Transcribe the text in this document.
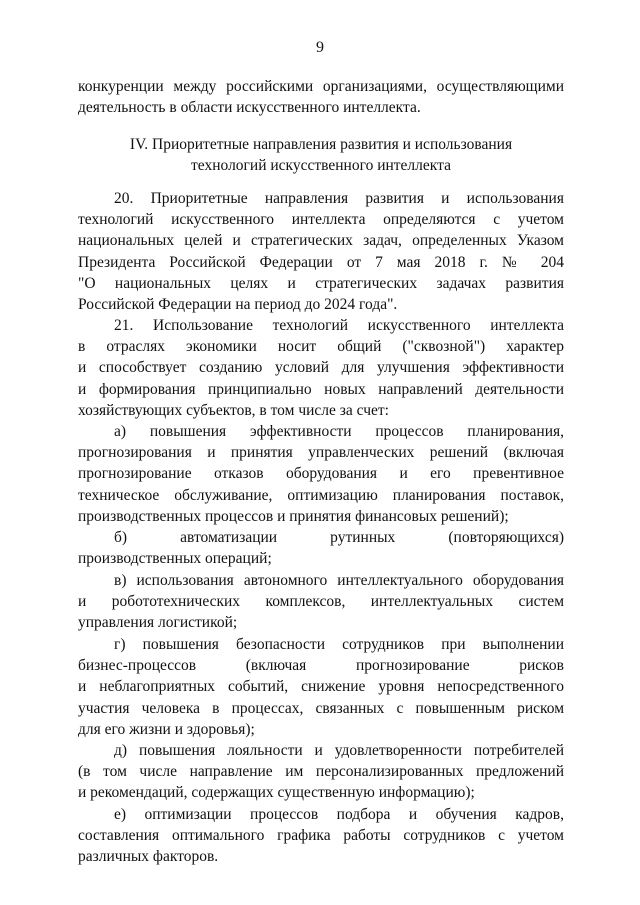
9
конкуренции между российскими организациями, осуществляющими
деятельность в области искусственного интеллекта.
IV. Приоритетные направления развития и использования
технологий искусственного интеллекта
20. Приоритетные направления развития и использования
технологий искусственного интеллекта определяются с учетом
национальных целей и стратегических задач, определенных Указом
Президента Российской Федерации от 7 мая 2018 г. № 204
"О национальных целях и стратегических задачах развития
Российской Федерации на период до 2024 года".
21. Использование технологий искусственного интеллекта
в отраслях экономики носит общий ("сквозной") характер
и способствует созданию условий для улучшения эффективности
и формирования принципиально новых направлений деятельности
хозяйствующих субъектов, в том числе за счет:
а) повышения эффективности процессов планирования,
прогнозирования и принятия управленческих решений (включая
прогнозирование отказов оборудования и его превентивное
техническое обслуживание, оптимизацию планирования поставок,
производственных процессов и принятия финансовых решений);
б) автоматизации рутинных (повторяющихся)
производственных операций;
в) использования автономного интеллектуального оборудования
и робототехнических комплексов, интеллектуальных систем
управления логистикой;
г) повышения безопасности сотрудников при выполнении
бизнес-процессов (включая прогнозирование рисков
и неблагоприятных событий, снижение уровня непосредственного
участия человека в процессах, связанных с повышенным риском
для его жизни и здоровья);
д) повышения лояльности и удовлетворенности потребителей
(в том числе направление им персонализированных предложений
и рекомендаций, содержащих существенную информацию);
е) оптимизации процессов подбора и обучения кадров,
составления оптимального графика работы сотрудников с учетом
различных факторов.
